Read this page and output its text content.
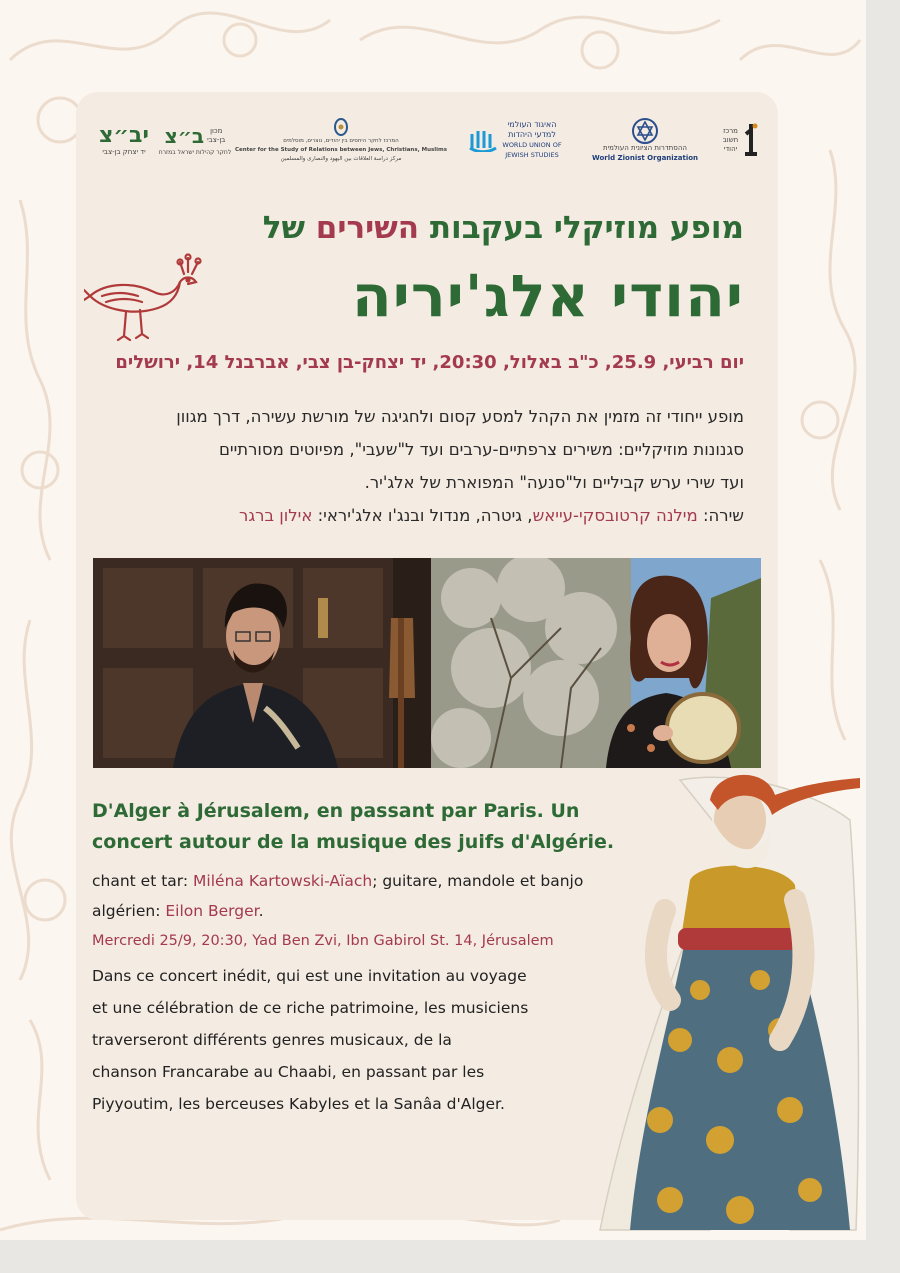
יב״צ
יד יצחק בן-צבי
ב״צ מכון
בן-צבי
לחקר קהילות ישראל במזרח
המרכז לחקר היחסים בין יהודים, נוצרים, מוסלמים
Center for the Study of Relations between Jews, Christians, Muslims
مركز دراسة العلاقات بين اليهود والنصارى والمسلمين
האיגוד העולמי
למדעי היהדות
WORLD UNION OF
JEWISH STUDIES
ההסתדרות הציונית העולמית
World Zionist Organization
מרכז
חשוב
יהודי
מופע מוזיקלי בעקבות השירים של
יהודי אלג'יריה
יום רביעי, 25.9, כ"ב באלול, 20:30, יד יצחק-בן צבי, אברבנל 14, ירושלים
מופע ייחודי זה מזמין את הקהל למסע קסום ולחגיגה של מורשת עשירה, דרך מגוון
סגנונות מוזיקליים: משירים צרפתיים-ערבים ועד ל"שעבי", מפיוטים מסורתיים
ועד שירי ערש קביליים ול"סנעה" המפוארת של אלג'יר.
שירה: מילנה קרטובסקי-עייאש, גיטרה, מנדול ובנג'ו אלג'יראי: אילון ברגר
D'Alger à Jérusalem, en passant par Paris. Un
concert autour de la musique des juifs d'Algérie.
chant et tar: Miléna Kartowski-Aïach; guitare, mandole et banjo
algérien: Eilon Berger.
Mercredi 25/9, 20:30, Yad Ben Zvi, Ibn Gabirol St. 14, Jérusalem
Dans ce concert inédit, qui est une invitation au voyage
et une célébration de ce riche patrimoine, les musiciens
traverseront différents genres musicaux, de la
chanson Francarabe au Chaabi, en passant par les
Piyyoutim, les berceuses Kabyles et la Sanâa d'Alger.
